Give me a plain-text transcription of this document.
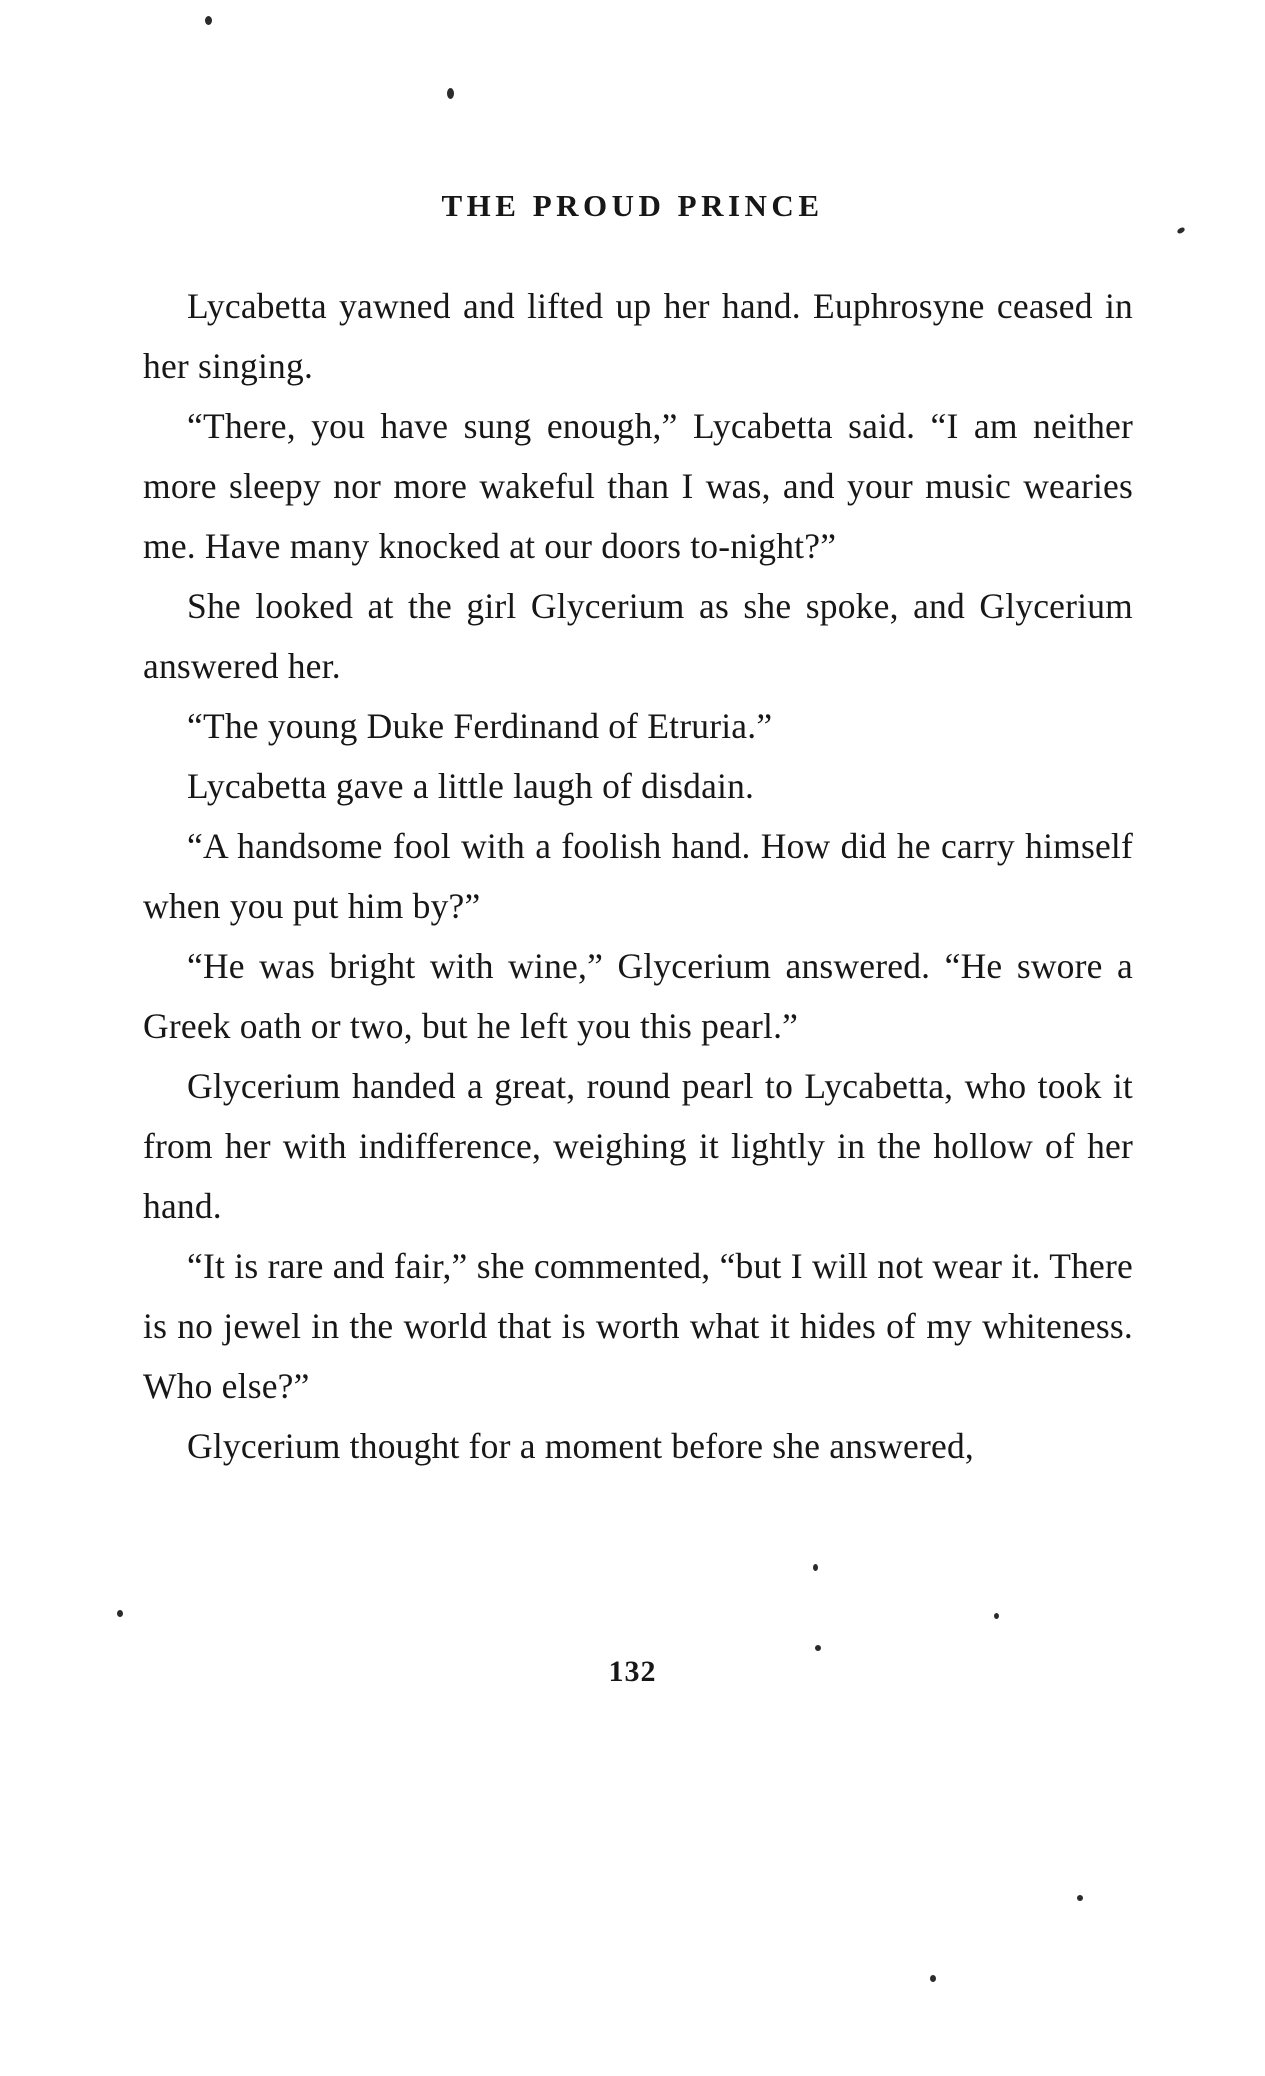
THE PROUD PRINCE

Lycabetta yawned and lifted up her hand. Euphrosyne ceased in her singing.

“There, you have sung enough,” Lycabetta said. “I am neither more sleepy nor more wakeful than I was, and your music wearies me. Have many knocked at our doors to-night?”

She looked at the girl Glycerium as she spoke, and Glycerium answered her.

“The young Duke Ferdinand of Etruria.”

Lycabetta gave a little laugh of disdain.

“A handsome fool with a foolish hand. How did he carry himself when you put him by?”

“He was bright with wine,” Glycerium answered. “He swore a Greek oath or two, but he left you this pearl.”

Glycerium handed a great, round pearl to Lycabetta, who took it from her with indifference, weighing it lightly in the hollow of her hand.

“It is rare and fair,” she commented, “but I will not wear it. There is no jewel in the world that is worth what it hides of my whiteness. Who else?”

Glycerium thought for a moment before she answered,

132
